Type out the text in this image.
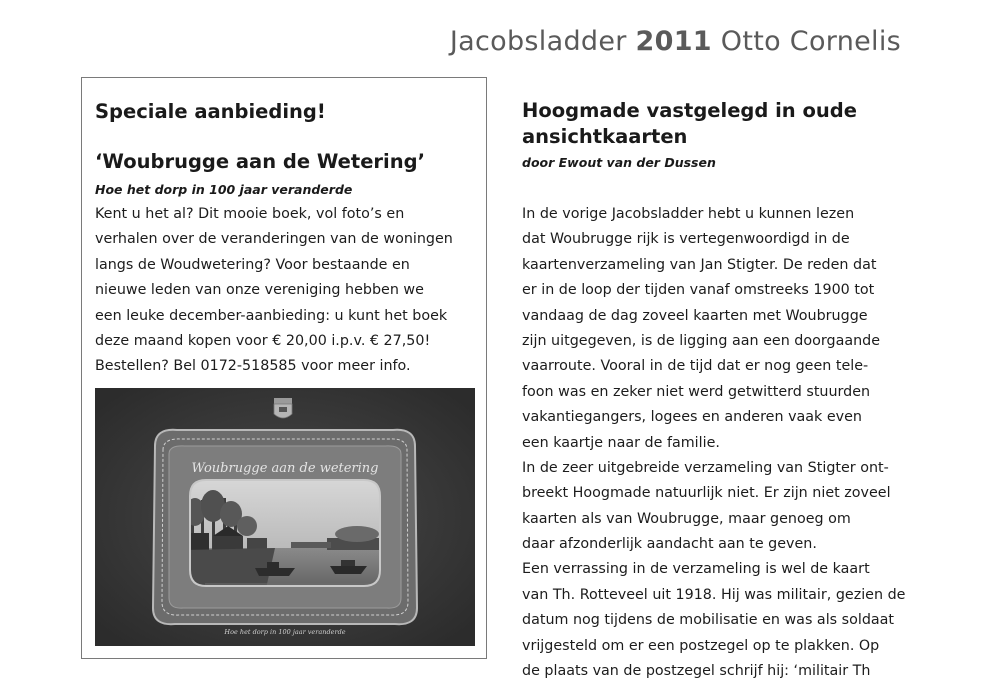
Jacobsladder 2011 Otto Cornelis
Speciale aanbieding!
‘Woubrugge aan de Wetering’
Hoe het dorp in 100 jaar veranderde
Kent u het al? Dit mooie boek, vol foto’s en
verhalen over de veranderingen van de woningen
langs de Woudwetering? Voor bestaande en
nieuwe leden van onze vereniging hebben we
een leuke december-aanbieding: u kunt het boek
deze maand kopen voor € 20,00 i.p.v. € 27,50!
Bestellen? Bel 0172-518585 voor meer info.
Woubrugge aan de wetering
Hoe het dorp in 100 jaar veranderde
Hoogmade vastgelegd in oude
ansichtkaarten
door Ewout van der Dussen
In de vorige Jacobsladder hebt u kunnen lezen
dat Woubrugge rijk is vertegenwoordigd in de
kaartenverzameling van Jan Stigter. De reden dat
er in de loop der tijden vanaf omstreeks 1900 tot
vandaag de dag zoveel kaarten met Woubrugge
zijn uitgegeven, is de ligging aan een doorgaande
vaarroute. Vooral in de tijd dat er nog geen tele-
foon was en zeker niet werd getwitterd stuurden
vakantiegangers, logees en anderen vaak even
een kaartje naar de familie.
In de zeer uitgebreide verzameling van Stigter ont-
breekt Hoogmade natuurlijk niet. Er zijn niet zoveel
kaarten als van Woubrugge, maar genoeg om
daar afzonderlijk aandacht aan te geven.
Een verrassing in de verzameling is wel de kaart
van Th. Rotteveel uit 1918. Hij was militair, gezien de
datum nog tijdens de mobilisatie en was als soldaat
vrijgesteld om er een postzegel op te plakken. Op
de plaats van de postzegel schrijf hij: ‘militair Th
